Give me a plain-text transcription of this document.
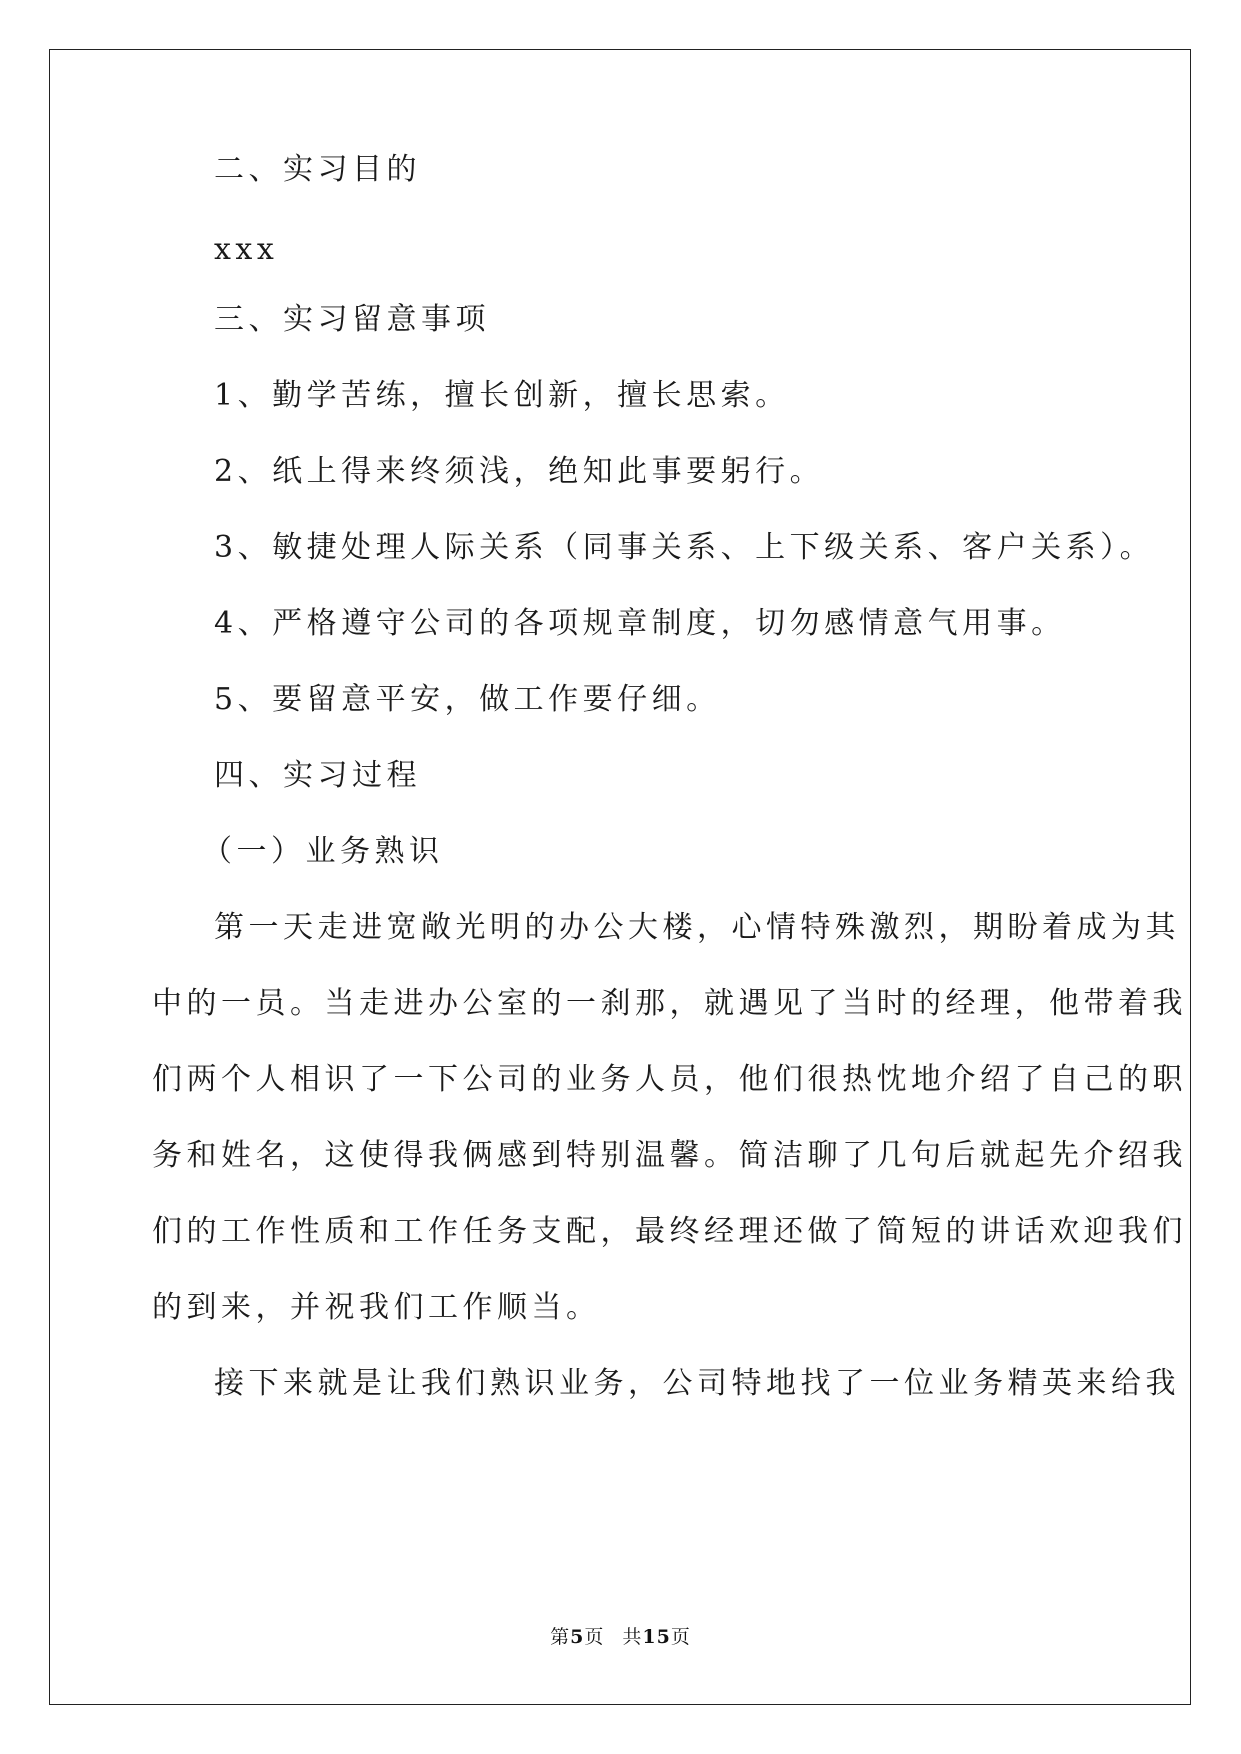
二、实习目的
xxx
三、实习留意事项
1、勤学苦练，擅长创新，擅长思索。
2、纸上得来终须浅，绝知此事要躬行。
3、敏捷处理人际关系（同事关系、上下级关系、客户关系）。
4、严格遵守公司的各项规章制度，切勿感情意气用事。
5、要留意平安，做工作要仔细。
四、实习过程
（一）业务熟识
第一天走进宽敞光明的办公大楼，心情特殊激烈，期盼着成为其
中的一员。当走进办公室的一刹那，就遇见了当时的经理，他带着我
们两个人相识了一下公司的业务人员，他们很热忱地介绍了自己的职
务和姓名，这使得我俩感到特别温馨。简洁聊了几句后就起先介绍我
们的工作性质和工作任务支配，最终经理还做了简短的讲话欢迎我们
的到来，并祝我们工作顺当。
接下来就是让我们熟识业务，公司特地找了一位业务精英来给我
第5页 共15页
